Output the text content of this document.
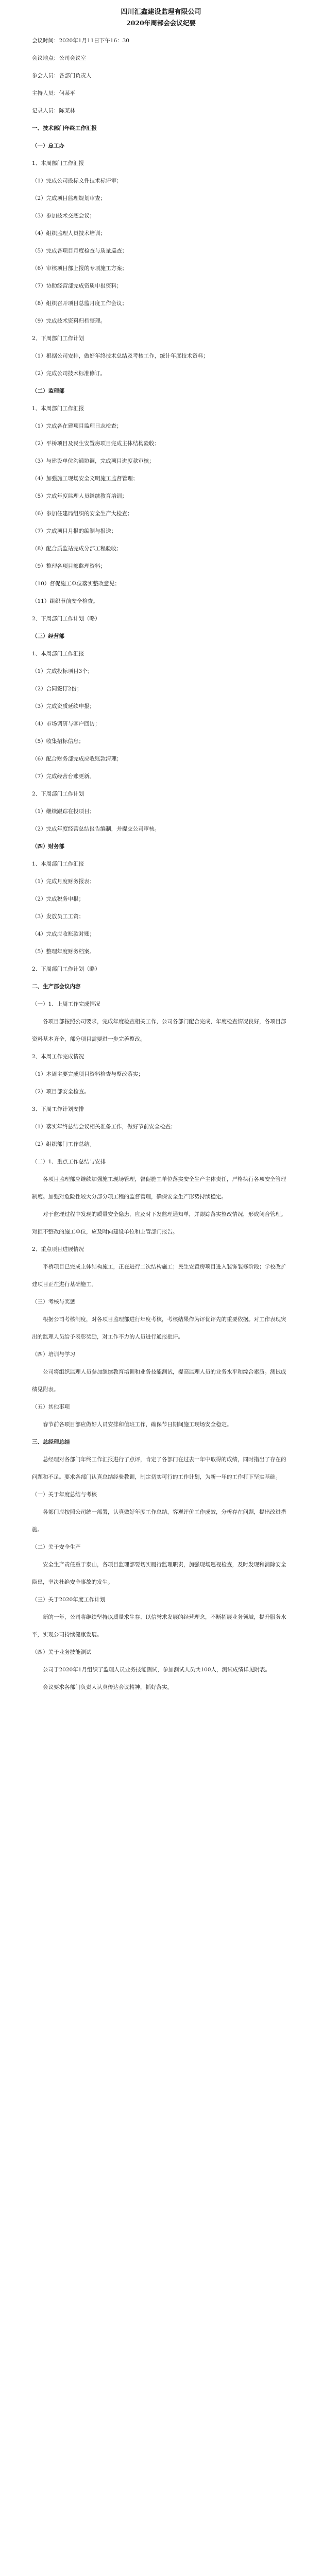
四川汇鑫建设监理有限公司
2020年周部会会议纪要
会议时间：2020年1月11日下午16：30
会议地点：公司会议室
参会人员：各部门负责人
主持人员：何某平
记录人员：陈某林
一、技术部门年终工作汇报
（一）总工办
1、本周部门工作汇报
（1）完成公司投标文件技术标评审；
（2）完成项目监理规划审查；
（3）参加技术交底会议；
（4）组织监理人员技术培训；
（5）完成各项目月度检查与质量巡查；
（6）审核项目部上报的专项施工方案；
（7）协助经营部完成资质申报资料；
（8）组织召开项目总监月度工作会议；
（9）完成技术资料归档整理。
2、下周部门工作计划
（1）根据公司安排，做好年终技术总结及考核工作，统计年度技术资料；
（2）完成公司技术标准修订。
（二）监理部
1、本周部门工作汇报
（1）完成各在建项目监理日志检查；
（2）平桥项目及民生安置房项目完成主体结构验收；
（3）与建设单位沟通协调，完成项目进度款审核；
（4）加强施工现场安全文明施工监督管理；
（5）完成年度监理人员继续教育培训；
（6）参加住建局组织的安全生产大检查；
（7）完成项目月报的编制与报送；
（8）配合质监站完成分部工程验收；
（9）整理各项目部监理资料；
（10）督促施工单位落实整改意见；
（11）组织节前安全检查。
2、下周部门工作计划（略）
（三）经营部
1、本周部门工作汇报
（1）完成投标项目3个；
（2）合同签订2份；
（3）完成资质延续申报；
（4）市场调研与客户回访；
（5）收集招标信息；
（6）配合财务部完成应收账款清理；
（7）完成经营台账更新。
2、下周部门工作计划
（1）继续跟踪在投项目；
（2）完成年度经营总结报告编制，并提交公司审核。
（四）财务部
1、本周部门工作汇报
（1）完成月度财务报表；
（2）完成税务申报；
（3）发放员工工资；
（4）完成应收账款对账；
（5）整理年度财务档案。
2、下周部门工作计划（略）
二、生产部会议内容
（一）1、上周工作完成情况
各项目部按照公司要求，完成年度检查相关工作，公司各部门配合完成，年度检查情况良好，各项目部资料基本齐全，部分项目需要进一步完善整改。
2、本周工作完成情况
（1）本周主要完成项目资料检查与整改落实；
（2）项目部安全检查。
3、下周工作计划安排
（1）落实年终总结会议相关准备工作，做好节前安全检查；
（2）组织部门工作总结。
（二）1、重点工作总结与安排
各项目监理部应继续加强施工现场管理，督促施工单位落实安全生产主体责任，严格执行各项安全管理制度。加强对危险性较大分部分项工程的监督管理，确保安全生产形势持续稳定。
对于监理过程中发现的质量安全隐患，应及时下发监理通知单，并跟踪落实整改情况，形成闭合管理。对拒不整改的施工单位，应及时向建设单位和主管部门报告。
2、重点项目进展情况
平桥项目已完成主体结构施工，正在进行二次结构施工；民生安置房项目进入装饰装修阶段；学校改扩建项目正在进行基础施工。
（三）考核与奖惩
根据公司考核制度，对各项目监理部进行年度考核，考核结果作为评优评先的重要依据。对工作表现突出的监理人员给予表彰奖励，对工作不力的人员进行通报批评。
（四）培训与学习
公司将组织监理人员参加继续教育培训和业务技能测试，提高监理人员的业务水平和综合素质。测试成绩见附表。
（五）其他事项
春节前各项目部应做好人员安排和值班工作，确保节日期间施工现场安全稳定。
三、总经理总结
总经理对各部门年终工作汇报进行了点评，肯定了各部门在过去一年中取得的成绩，同时指出了存在的问题和不足。要求各部门认真总结经验教训，制定切实可行的工作计划，为新一年的工作打下坚实基础。
（一）关于年度总结与考核
各部门应按照公司统一部署，认真做好年度工作总结，客观评价工作成效，分析存在问题，提出改进措施。
（二）关于安全生产
安全生产责任重于泰山，各项目监理部要切实履行监理职责，加强现场巡视检查，及时发现和消除安全隐患，坚决杜绝安全事故的发生。
（三）关于2020年度工作计划
新的一年，公司将继续坚持以质量求生存、以信誉求发展的经营理念，不断拓展业务领域，提升服务水平，实现公司持续健康发展。
（四）关于业务技能测试
公司于2020年1月组织了监理人员业务技能测试，参加测试人员共100人，测试成绩详见附表。
会议要求各部门负责人认真传达会议精神，抓好落实。
